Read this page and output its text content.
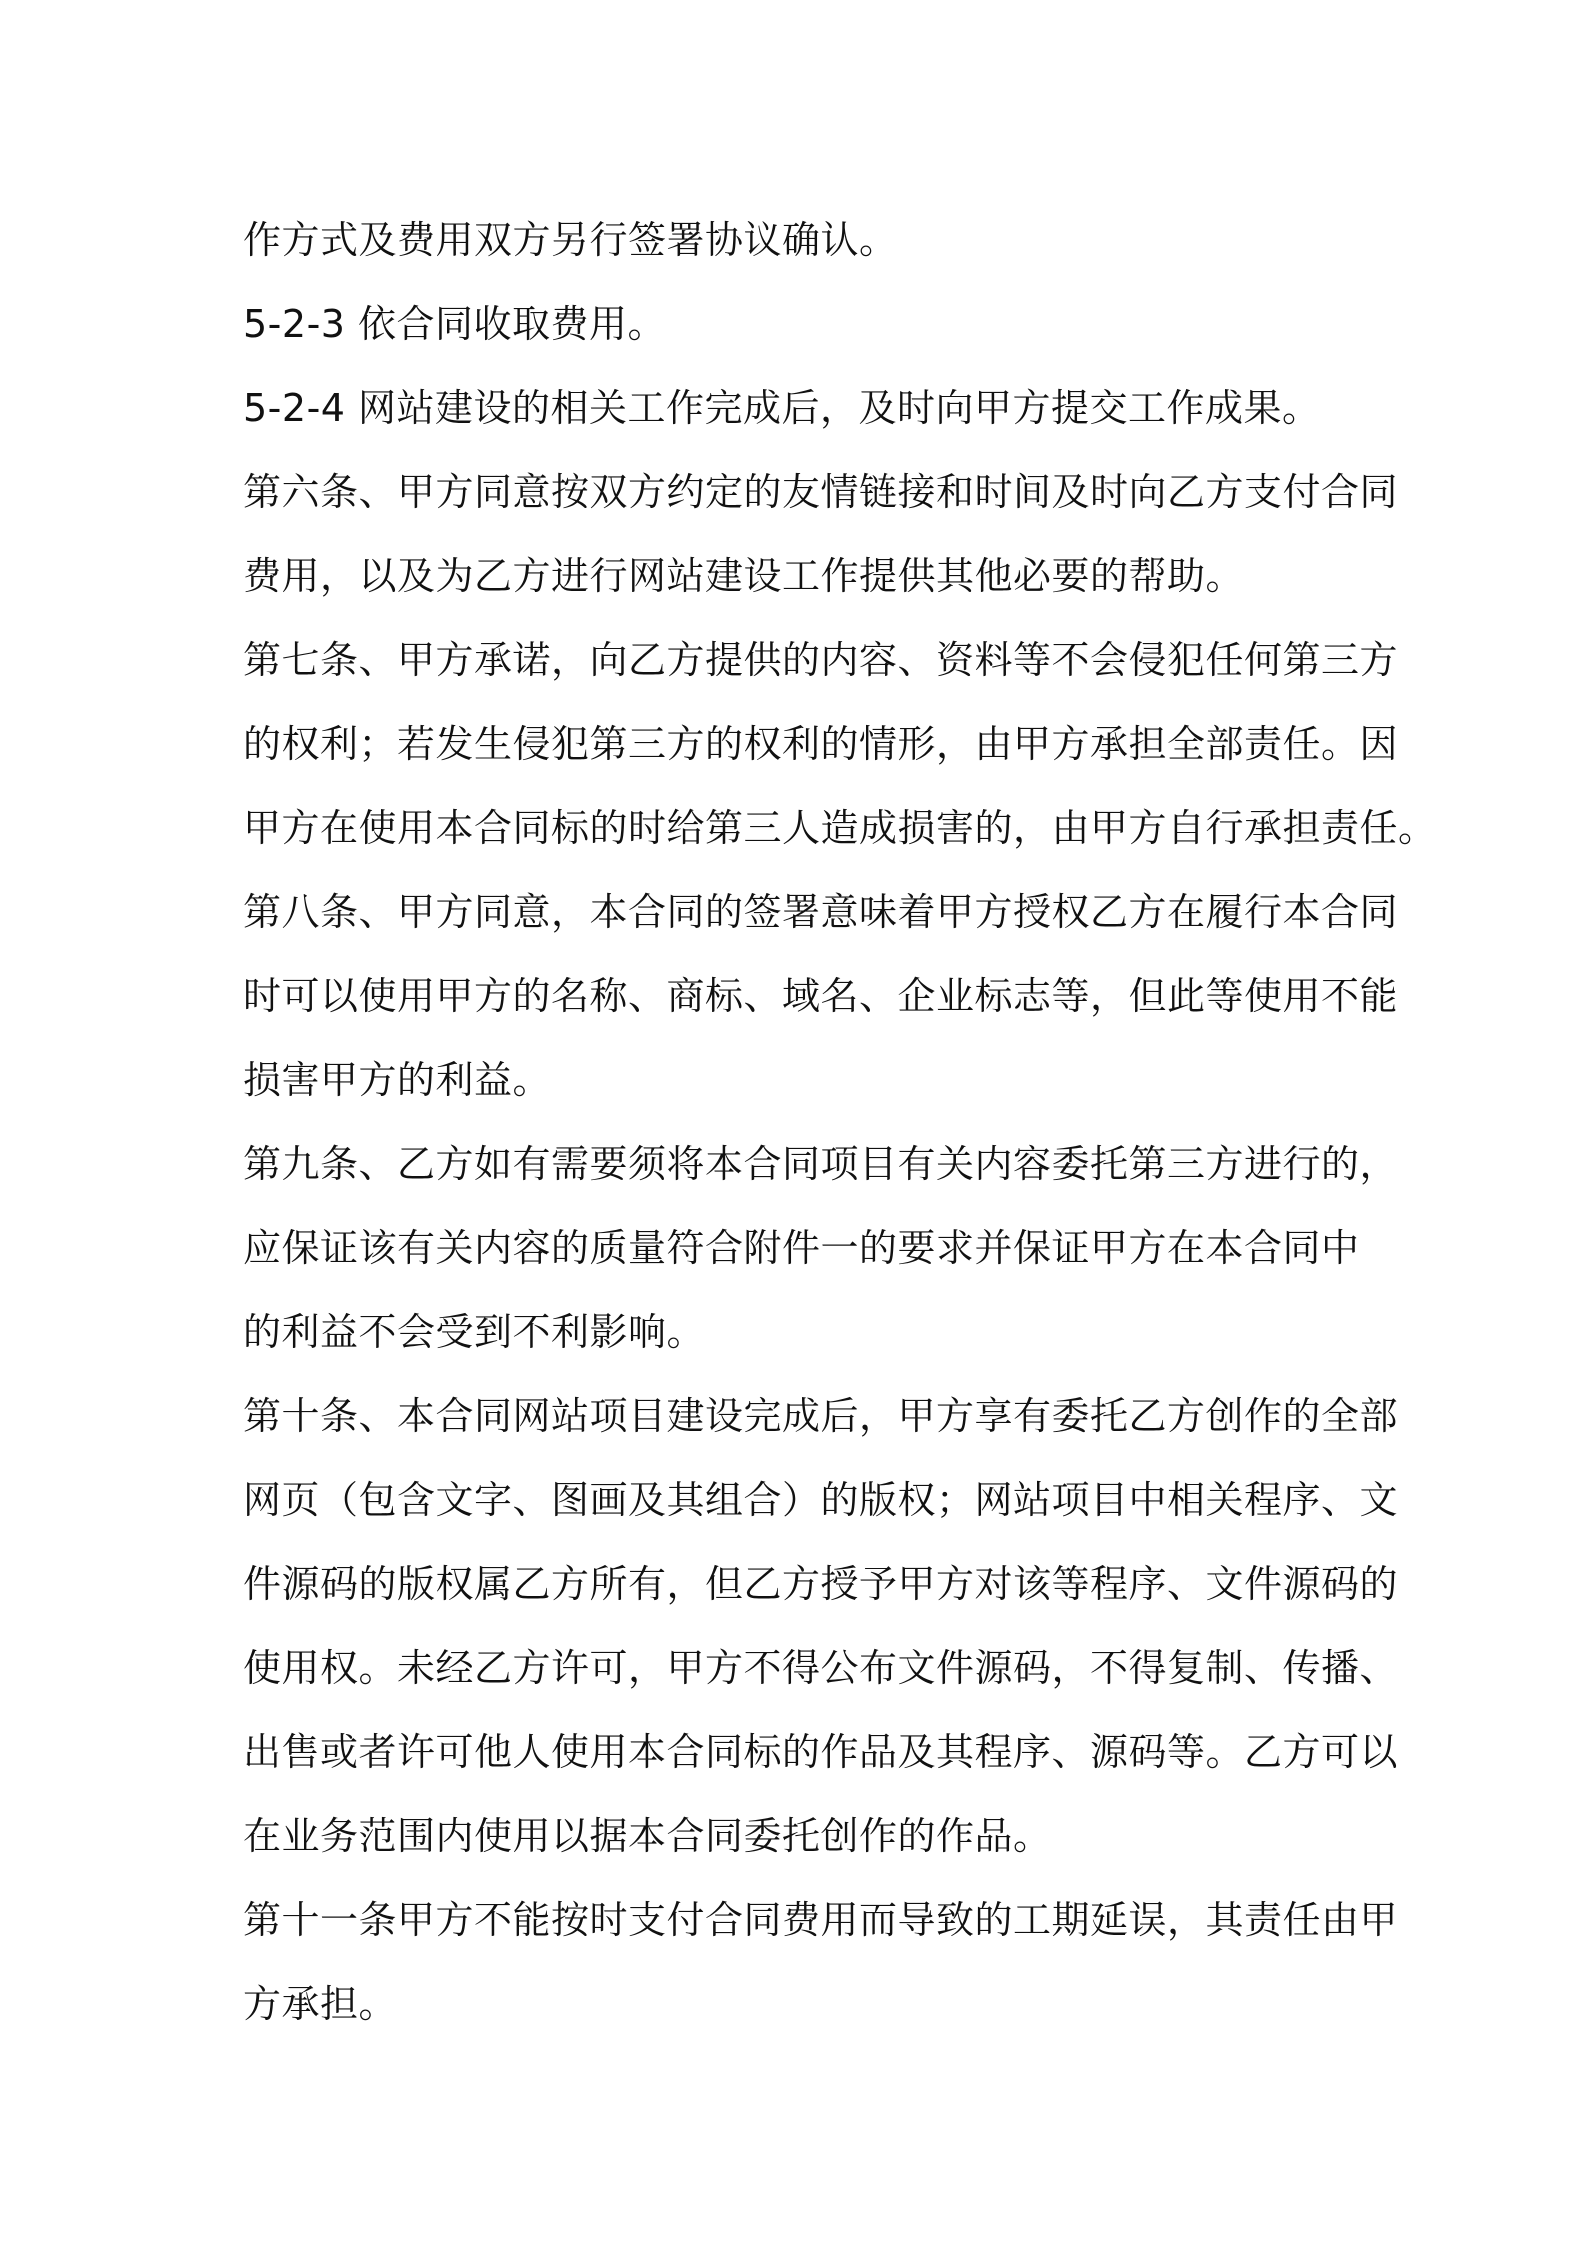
作方式及费用双方另行签署协议确认。
5-2-3 依合同收取费用。
5-2-4 网站建设的相关工作完成后，及时向甲方提交工作成果。
第六条、甲方同意按双方约定的友情链接和时间及时向乙方支付合同
费用，以及为乙方进行网站建设工作提供其他必要的帮助。
第七条、甲方承诺，向乙方提供的内容、资料等不会侵犯任何第三方
的权利；若发生侵犯第三方的权利的情形，由甲方承担全部责任。因
甲方在使用本合同标的时给第三人造成损害的，由甲方自行承担责任。
第八条、甲方同意，本合同的签署意味着甲方授权乙方在履行本合同
时可以使用甲方的名称、商标、域名、企业标志等，但此等使用不能
损害甲方的利益。
第九条、乙方如有需要须将本合同项目有关内容委托第三方进行的，
应保证该有关内容的质量符合附件一的要求并保证甲方在本合同中
的利益不会受到不利影响。
第十条、本合同网站项目建设完成后，甲方享有委托乙方创作的全部
网页（包含文字、图画及其组合）的版权；网站项目中相关程序、文
件源码的版权属乙方所有，但乙方授予甲方对该等程序、文件源码的
使用权。未经乙方许可，甲方不得公布文件源码，不得复制、传播、
出售或者许可他人使用本合同标的作品及其程序、源码等。乙方可以
在业务范围内使用以据本合同委托创作的作品。
第十一条甲方不能按时支付合同费用而导致的工期延误，其责任由甲
方承担。
